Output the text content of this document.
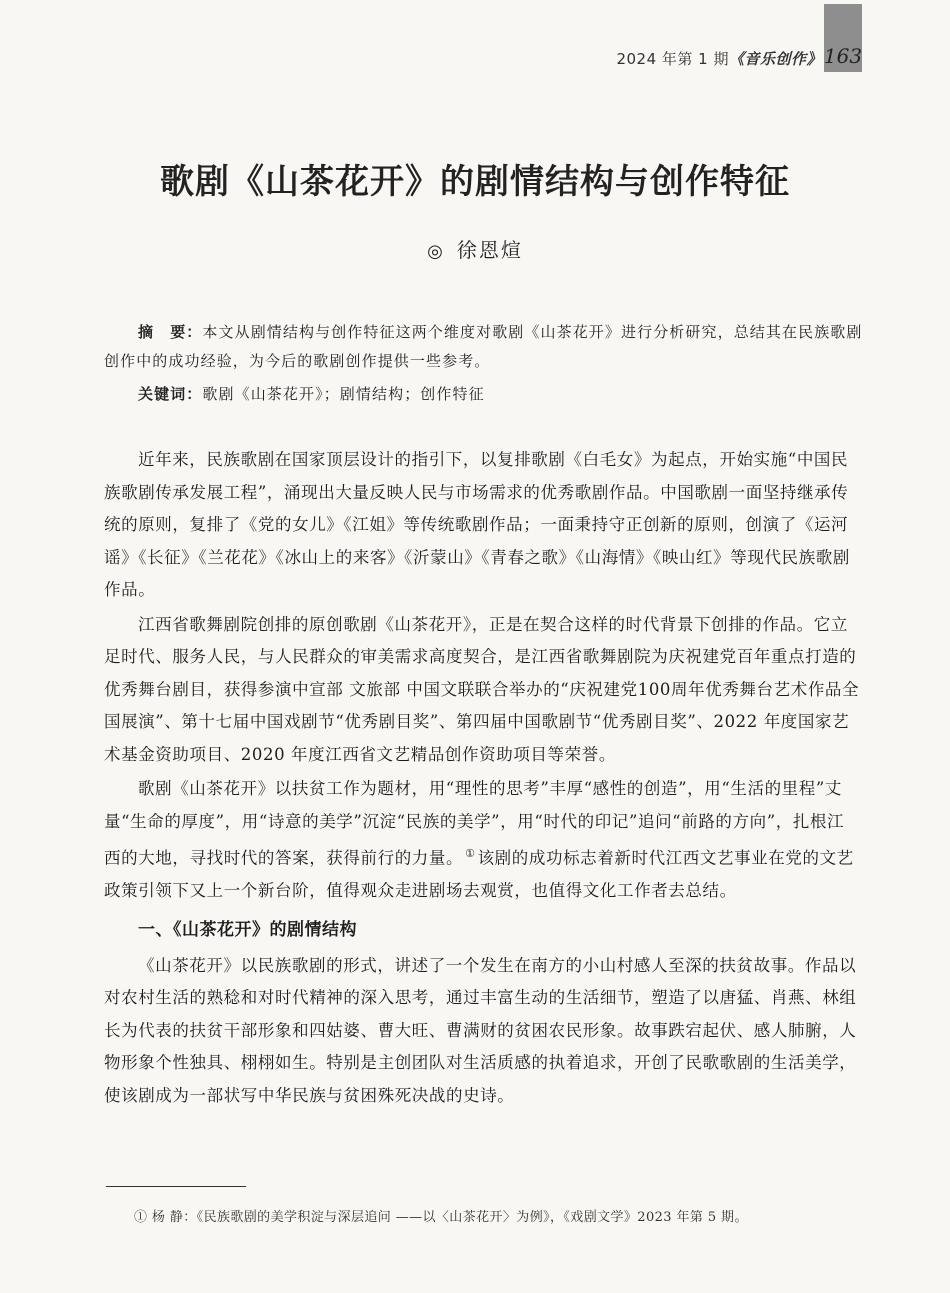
2024 年第 1 期《音乐创作》 163
歌剧《山茶花开》的剧情结构与创作特征
◎ 徐恩煊
摘　要：本文从剧情结构与创作特征这两个维度对歌剧《山茶花开》进行分析研究，总结其在民族歌剧创作中的成功经验，为今后的歌剧创作提供一些参考。
关键词：歌剧《山茶花开》；剧情结构；创作特征

近年来，民族歌剧在国家顶层设计的指引下，以复排歌剧《白毛女》为起点，开始实施“中国民族歌剧传承发展工程”，涌现出大量反映人民与市场需求的优秀歌剧作品。中国歌剧一面坚持继承传统的原则，复排了《党的女儿》《江姐》等传统歌剧作品；一面秉持守正创新的原则，创演了《运河谣》《长征》《兰花花》《冰山上的来客》《沂蒙山》《青春之歌》《山海情》《映山红》等现代民族歌剧作品。

江西省歌舞剧院创排的原创歌剧《山茶花开》，正是在契合这样的时代背景下创排的作品。它立足时代、服务人民，与人民群众的审美需求高度契合，是江西省歌舞剧院为庆祝建党百年重点打造的优秀舞台剧目，获得参演中宣部 文旅部 中国文联联合举办的“庆祝建党100周年优秀舞台艺术作品全国展演”、第十七届中国戏剧节“优秀剧目奖”、第四届中国歌剧节“优秀剧目奖”、2022 年度国家艺术基金资助项目、2020 年度江西省文艺精品创作资助项目等荣誉。

歌剧《山茶花开》以扶贫工作为题材，用“理性的思考”丰厚“感性的创造”，用“生活的里程”丈量“生命的厚度”，用“诗意的美学”沉淀“民族的美学”，用“时代的印记”追问“前路的方向”，扎根江西的大地，寻找时代的答案，获得前行的力量。 ① 该剧的成功标志着新时代江西文艺事业在党的文艺政策引领下又上一个新台阶，值得观众走进剧场去观赏，也值得文化工作者去总结。

一、《山茶花开》的剧情结构

《山茶花开》以民族歌剧的形式，讲述了一个发生在南方的小山村感人至深的扶贫故事。作品以对农村生活的熟稔和对时代精神的深入思考，通过丰富生动的生活细节，塑造了以唐猛、肖燕、林组长为代表的扶贫干部形象和四姑婆、曹大旺、曹满财的贫困农民形象。故事跌宕起伏、感人肺腑，人物形象个性独具、栩栩如生。特别是主创团队对生活质感的执着追求，开创了民歌歌剧的生活美学，使该剧成为一部状写中华民族与贫困殊死决战的史诗。

① 杨 静：《民族歌剧的美学积淀与深层追问 ——以〈山茶花开〉为例》，《戏剧文学》2023 年第 5 期。
